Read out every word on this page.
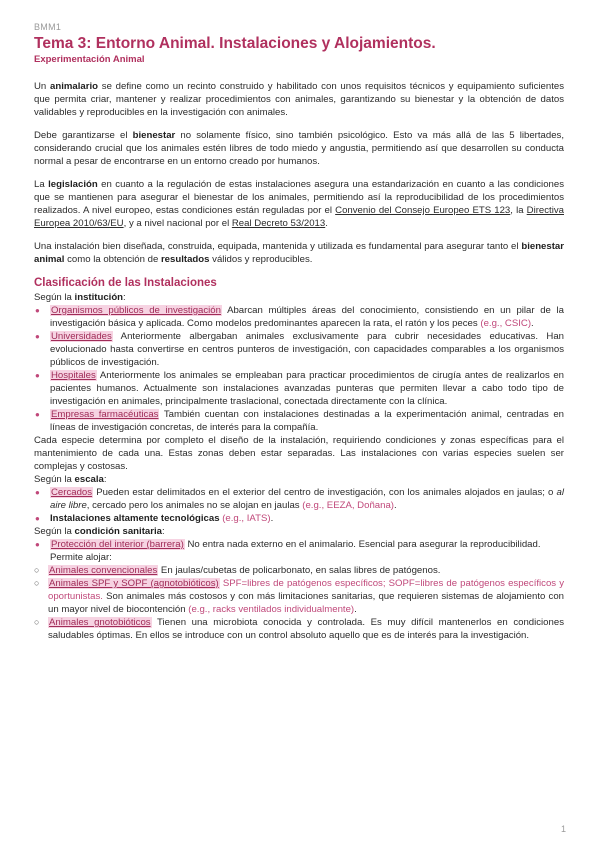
BMM1
Tema 3: Entorno Animal. Instalaciones y Alojamientos.
Experimentación Animal

Un animalario se define como un recinto construido y habilitado con unos requisitos técnicos y equipamiento suficientes que permita criar, mantener y realizar procedimientos con animales, garantizando su bienestar y la obtención de datos validables y reproducibles en la investigación con animales.

Debe garantizarse el bienestar no solamente físico, sino también psicológico. Esto va más allá de las 5 libertades, considerando crucial que los animales estén libres de todo miedo y angustia, permitiendo así que desarrollen su conducta normal a pesar de encontrarse en un entorno creado por humanos.

La legislación en cuanto a la regulación de estas instalaciones asegura una estandarización en cuanto a las condiciones que se mantienen para asegurar el bienestar de los animales, permitiendo así la reproducibilidad de los procedimientos realizados. A nivel europeo, estas condiciones están reguladas por el Convenio del Consejo Europeo ETS 123, la Directiva Europea 2010/63/EU, y a nivel nacional por el Real Decreto 53/2013.

Una instalación bien diseñada, construida, equipada, mantenida y utilizada es fundamental para asegurar tanto el bienestar animal como la obtención de resultados válidos y reproducibles.

Clasificación de las Instalaciones
Según la institución:
● Organismos públicos de investigación Abarcan múltiples áreas del conocimiento, consistiendo en un pilar de la investigación básica y aplicada. Como modelos predominantes aparecen la rata, el ratón y los peces (e.g., CSIC).
● Universidades Anteriormente albergaban animales exclusivamente para cubrir necesidades educativas. Han evolucionado hasta convertirse en centros punteros de investigación, con capacidades comparables a los organismos públicos de investigación.
● Hospitales Anteriormente los animales se empleaban para practicar procedimientos de cirugía antes de realizarlos en pacientes humanos. Actualmente son instalaciones avanzadas punteras que permiten llevar a cabo todo tipo de investigación en animales, principalmente traslacional, conectada directamente con la clínica.
● Empresas farmacéuticas También cuentan con instalaciones destinadas a la experimentación animal, centradas en líneas de investigación concretas, de interés para la compañía.
Cada especie determina por completo el diseño de la instalación, requiriendo condiciones y zonas específicas para el mantenimiento de cada una. Estas zonas deben estar separadas. Las instalaciones con varias especies suelen ser complejas y costosas.
Según la escala:
● Cercados Pueden estar delimitados en el exterior del centro de investigación, con los animales alojados en jaulas; o al aire libre, cercado pero los animales no se alojan en jaulas (e.g., EEZA, Doñana).
● Instalaciones altamente tecnológicas (e.g., IATS).
Según la condición sanitaria:
● Protección del interior (barrera) No entra nada externo en el animalario. Esencial para asegurar la reproducibilidad.
Permite alojar:
○ Animales convencionales En jaulas/cubetas de policarbonato, en salas libres de patógenos.
○ Animales SPF y SOPF (agnotobióticos) SPF=libres de patógenos específicos; SOPF=libres de patógenos específicos y oportunistas. Son animales más costosos y con más limitaciones sanitarias, que requieren sistemas de alojamiento con un mayor nivel de biocontención (e.g., racks ventilados individualmente).
○ Animales gnotobióticos Tienen una microbiota conocida y controlada. Es muy difícil mantenerlos en condiciones saludables óptimas. En ellos se introduce con un control absoluto aquello que es de interés para la investigación.
1
